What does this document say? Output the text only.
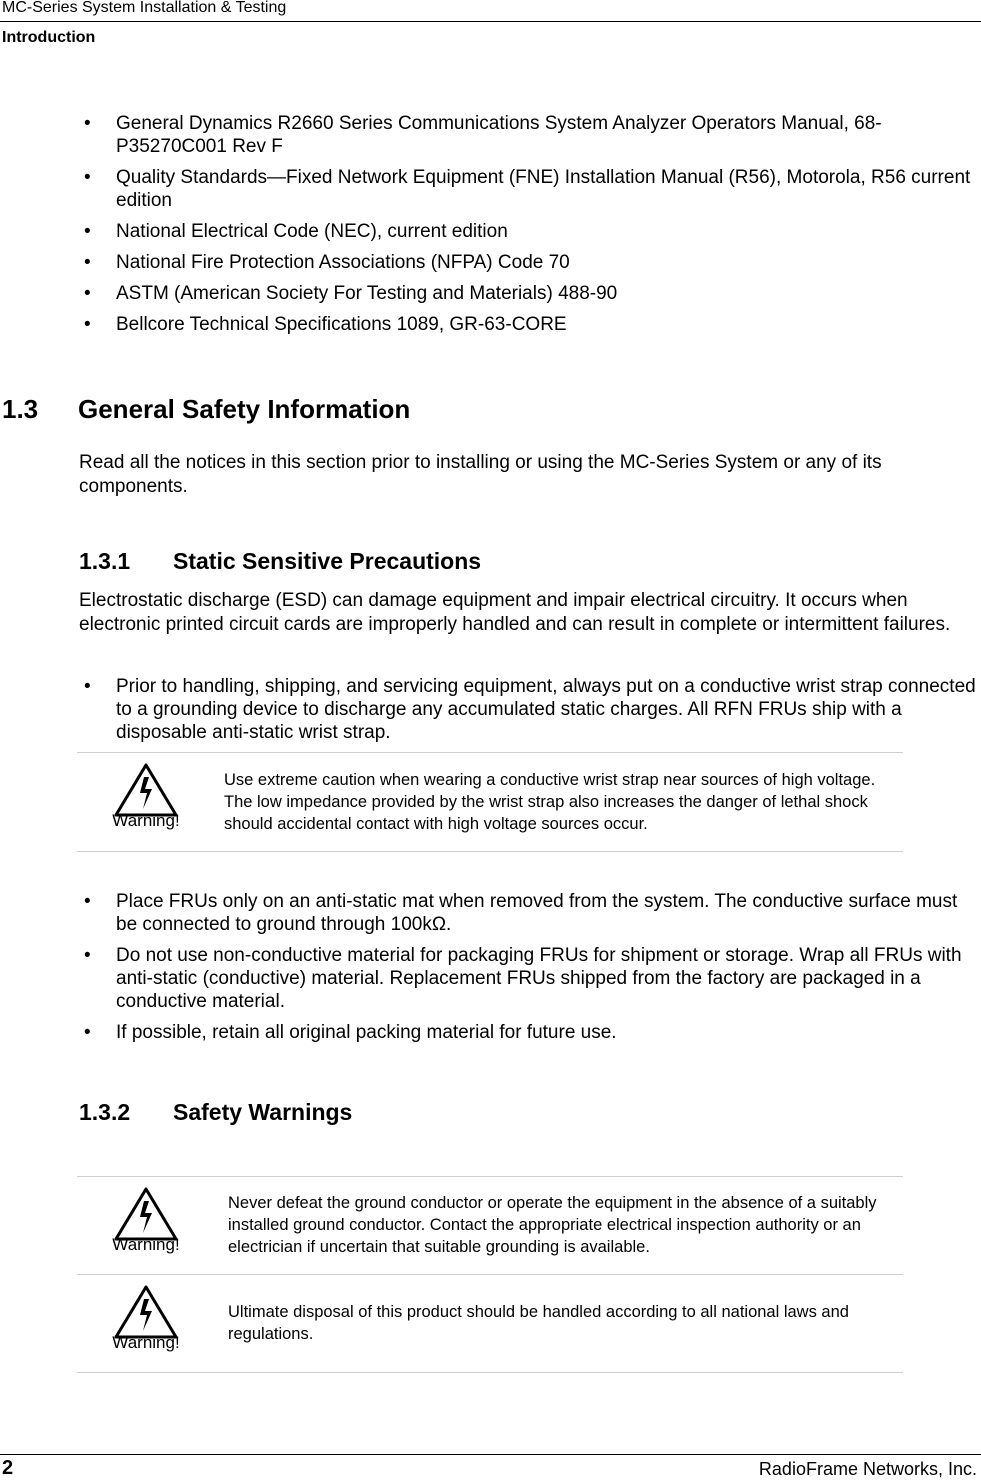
MC-Series System Installation & Testing
Introduction
• General Dynamics R2660 Series Communications System Analyzer Operators Manual, 68-P35270C001 Rev F
• Quality Standards—Fixed Network Equipment (FNE) Installation Manual (R56), Motorola, R56 current edition
• National Electrical Code (NEC), current edition
• National Fire Protection Associations (NFPA) Code 70
• ASTM (American Society For Testing and Materials) 488-90
• Bellcore Technical Specifications 1089, GR-63-CORE
1.3 General Safety Information
Read all the notices in this section prior to installing or using the MC-Series System or any of its components.
1.3.1 Static Sensitive Precautions
Electrostatic discharge (ESD) can damage equipment and impair electrical circuitry. It occurs when electronic printed circuit cards are improperly handled and can result in complete or intermittent failures.
• Prior to handling, shipping, and servicing equipment, always put on a conductive wrist strap connected to a grounding device to discharge any accumulated static charges. All RFN FRUs ship with a disposable anti-static wrist strap.
Warning!
Use extreme caution when wearing a conductive wrist strap near sources of high voltage. The low impedance provided by the wrist strap also increases the danger of lethal shock should accidental contact with high voltage sources occur.
• Place FRUs only on an anti-static mat when removed from the system. The conductive surface must be connected to ground through 100kΩ.
• Do not use non-conductive material for packaging FRUs for shipment or storage. Wrap all FRUs with anti-static (conductive) material. Replacement FRUs shipped from the factory are packaged in a conductive material.
• If possible, retain all original packing material for future use.
1.3.2 Safety Warnings
Warning!
Never defeat the ground conductor or operate the equipment in the absence of a suitably installed ground conductor. Contact the appropriate electrical inspection authority or an electrician if uncertain that suitable grounding is available.
Warning!
Ultimate disposal of this product should be handled according to all national laws and regulations.
2	RadioFrame Networks, Inc.
